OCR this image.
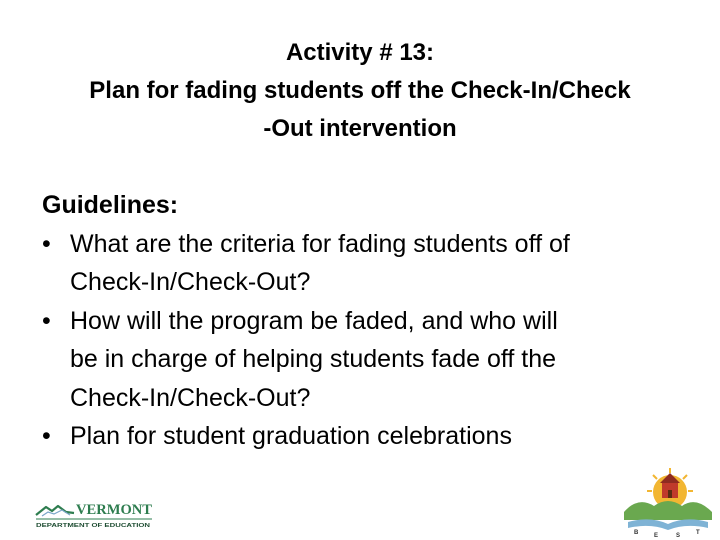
Activity # 13:
Plan for fading students off the Check-In/Check
-Out intervention
Guidelines:
• What are the criteria for fading students off of
Check-In/Check-Out?
• How will the program be faded, and who will
be in charge of helping students fade off the
Check-In/Check-Out?
• Plan for student graduation celebrations
VERMONT
DEPARTMENT OF EDUCATION
B	E	S	T
